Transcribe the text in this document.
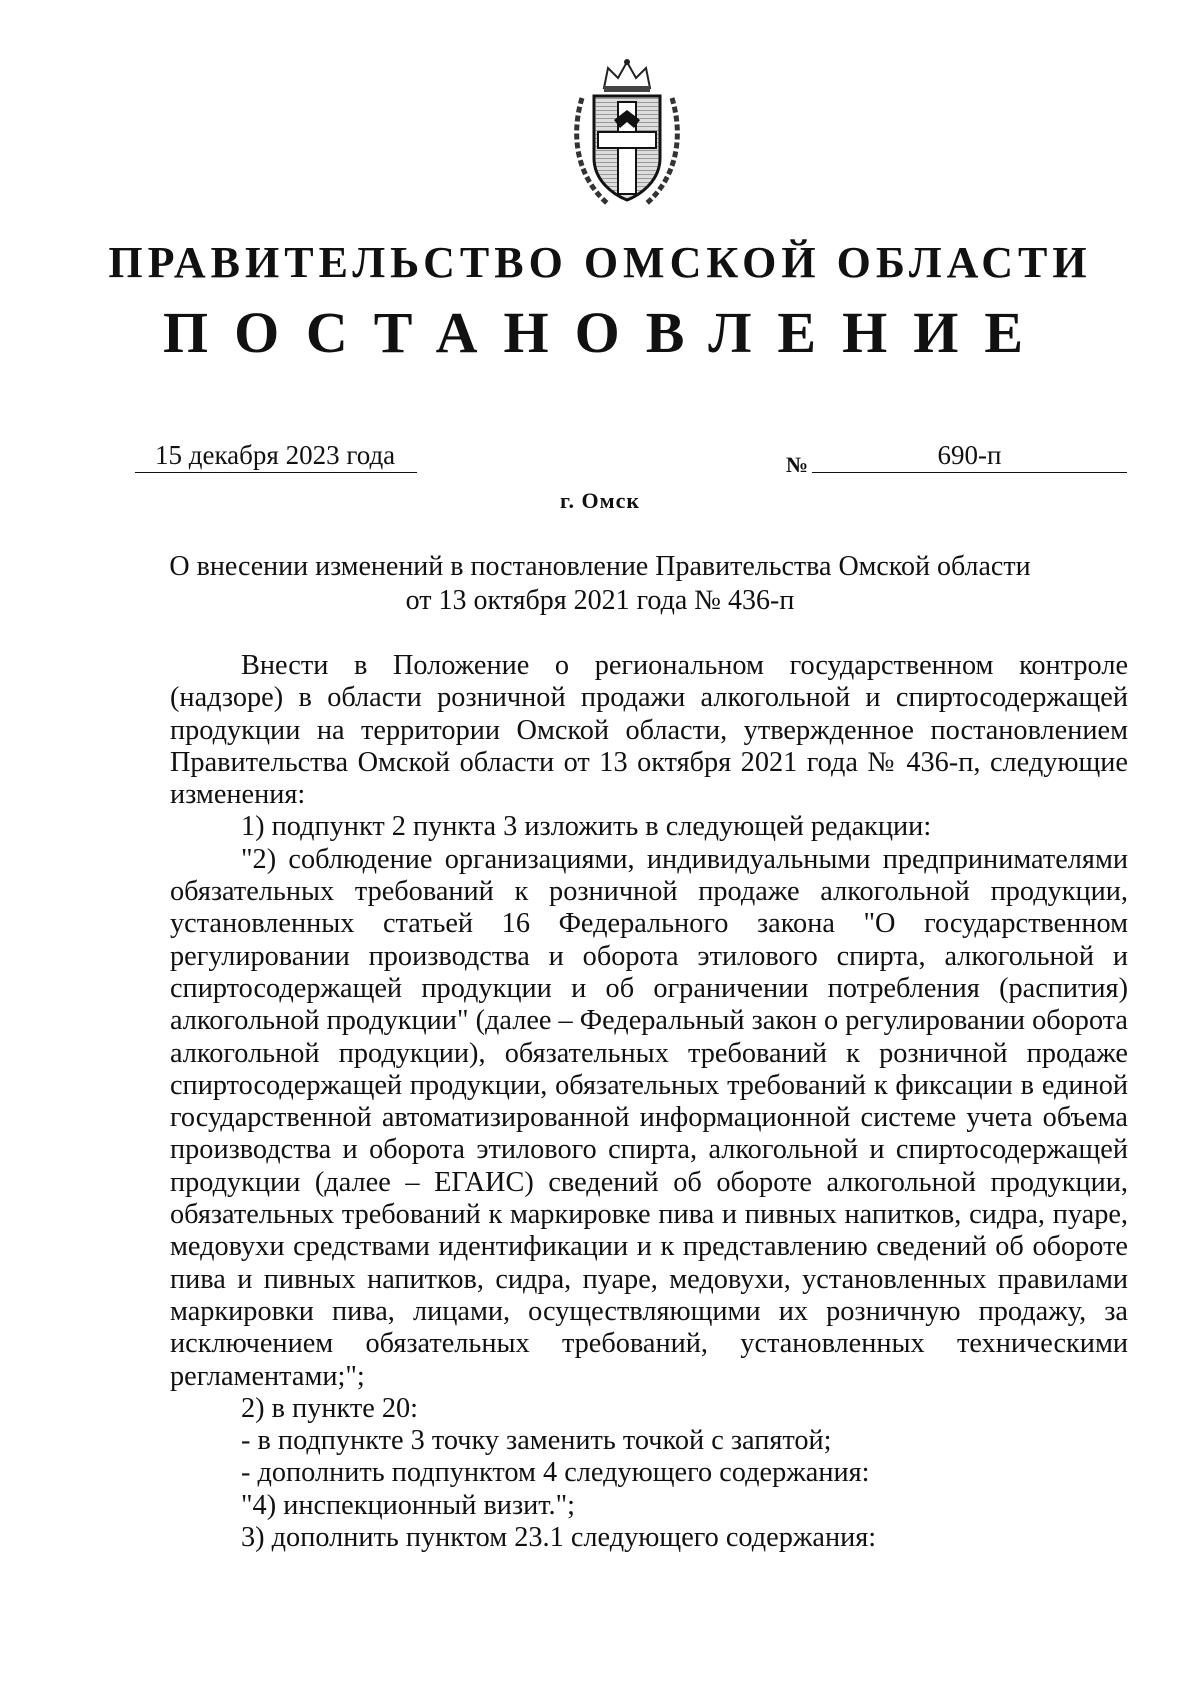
ПРАВИТЕЛЬСТВО ОМСКОЙ ОБЛАСТИ
ПОСТАНОВЛЕНИЕ
15 декабря 2023 года	№	690-п
г. Омск
О внесении изменений в постановление Правительства Омской области
от 13 октября 2021 года № 436-п

Внести в Положение о региональном государственном контроле (надзоре) в области розничной продажи алкогольной и спиртосодержащей продукции на территории Омской области, утвержденное постановлением Правительства Омской области от 13 октября 2021 года № 436-п, следующие изменения:

1) подпункт 2 пункта 3 изложить в следующей редакции:

"2) соблюдение организациями, индивидуальными предпринимателями обязательных требований к розничной продаже алкогольной продукции, установленных статьей 16 Федерального закона "О государственном регулировании производства и оборота этилового спирта, алкогольной и спиртосодержащей продукции и об ограничении потребления (распития) алкогольной продукции" (далее – Федеральный закон о регулировании оборота алкогольной продукции), обязательных требований к розничной продаже спиртосодержащей продукции, обязательных требований к фиксации в единой государственной автоматизированной информационной системе учета объема производства и оборота этилового спирта, алкогольной и спиртосодержащей продукции (далее – ЕГАИС) сведений об обороте алкогольной продукции, обязательных требований к маркировке пива и пивных напитков, сидра, пуаре, медовухи средствами идентификации и к представлению сведений об обороте пива и пивных напитков, сидра, пуаре, медовухи, установленных правилами маркировки пива, лицами, осуществляющими их розничную продажу, за исключением обязательных требований, установленных техническими регламентами;";

2) в пункте 20:

- в подпункте 3 точку заменить точкой с запятой;

- дополнить подпунктом 4 следующего содержания:

"4) инспекционный визит.";

3) дополнить пунктом 23.1 следующего содержания:
